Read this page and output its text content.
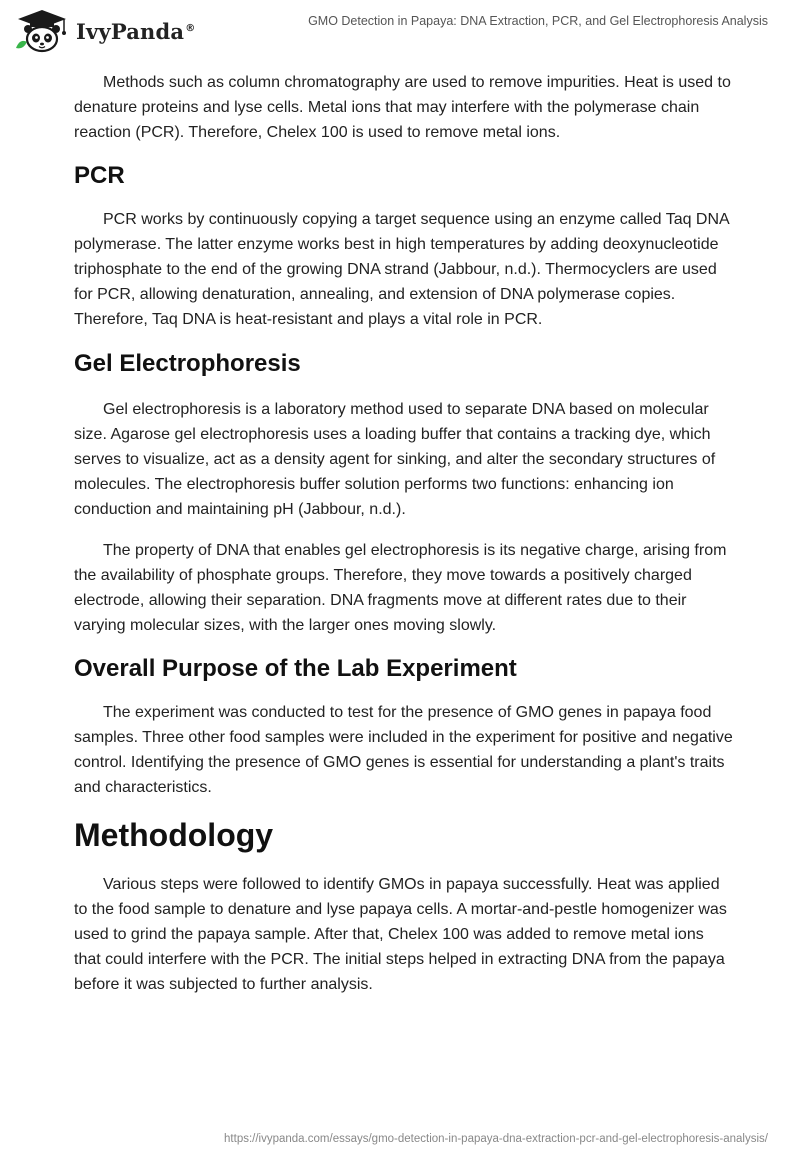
IvyPanda®	GMO Detection in Papaya: DNA Extraction, PCR, and Gel Electrophoresis Analysis

Methods such as column chromatography are used to remove impurities. Heat is used to denature proteins and lyse cells. Metal ions that may interfere with the polymerase chain reaction (PCR). Therefore, Chelex 100 is used to remove metal ions.

PCR

PCR works by continuously copying a target sequence using an enzyme called Taq DNA polymerase. The latter enzyme works best in high temperatures by adding deoxynucleotide triphosphate to the end of the growing DNA strand (Jabbour, n.d.). Thermocyclers are used for PCR, allowing denaturation, annealing, and extension of DNA polymerase copies. Therefore, Taq DNA is heat-resistant and plays a vital role in PCR.

Gel Electrophoresis

Gel electrophoresis is a laboratory method used to separate DNA based on molecular size. Agarose gel electrophoresis uses a loading buffer that contains a tracking dye, which serves to visualize, act as a density agent for sinking, and alter the secondary structures of molecules. The electrophoresis buffer solution performs two functions: enhancing ion conduction and maintaining pH (Jabbour, n.d.).

The property of DNA that enables gel electrophoresis is its negative charge, arising from the availability of phosphate groups. Therefore, they move towards a positively charged electrode, allowing their separation. DNA fragments move at different rates due to their varying molecular sizes, with the larger ones moving slowly.

Overall Purpose of the Lab Experiment

The experiment was conducted to test for the presence of GMO genes in papaya food samples. Three other food samples were included in the experiment for positive and negative control. Identifying the presence of GMO genes is essential for understanding a plant's traits and characteristics.

Methodology

Various steps were followed to identify GMOs in papaya successfully. Heat was applied to the food sample to denature and lyse papaya cells. A mortar-and-pestle homogenizer was used to grind the papaya sample. After that, Chelex 100 was added to remove metal ions that could interfere with the PCR. The initial steps helped in extracting DNA from the papaya before it was subjected to further analysis.

https://ivypanda.com/essays/gmo-detection-in-papaya-dna-extraction-pcr-and-gel-electrophoresis-analysis/
